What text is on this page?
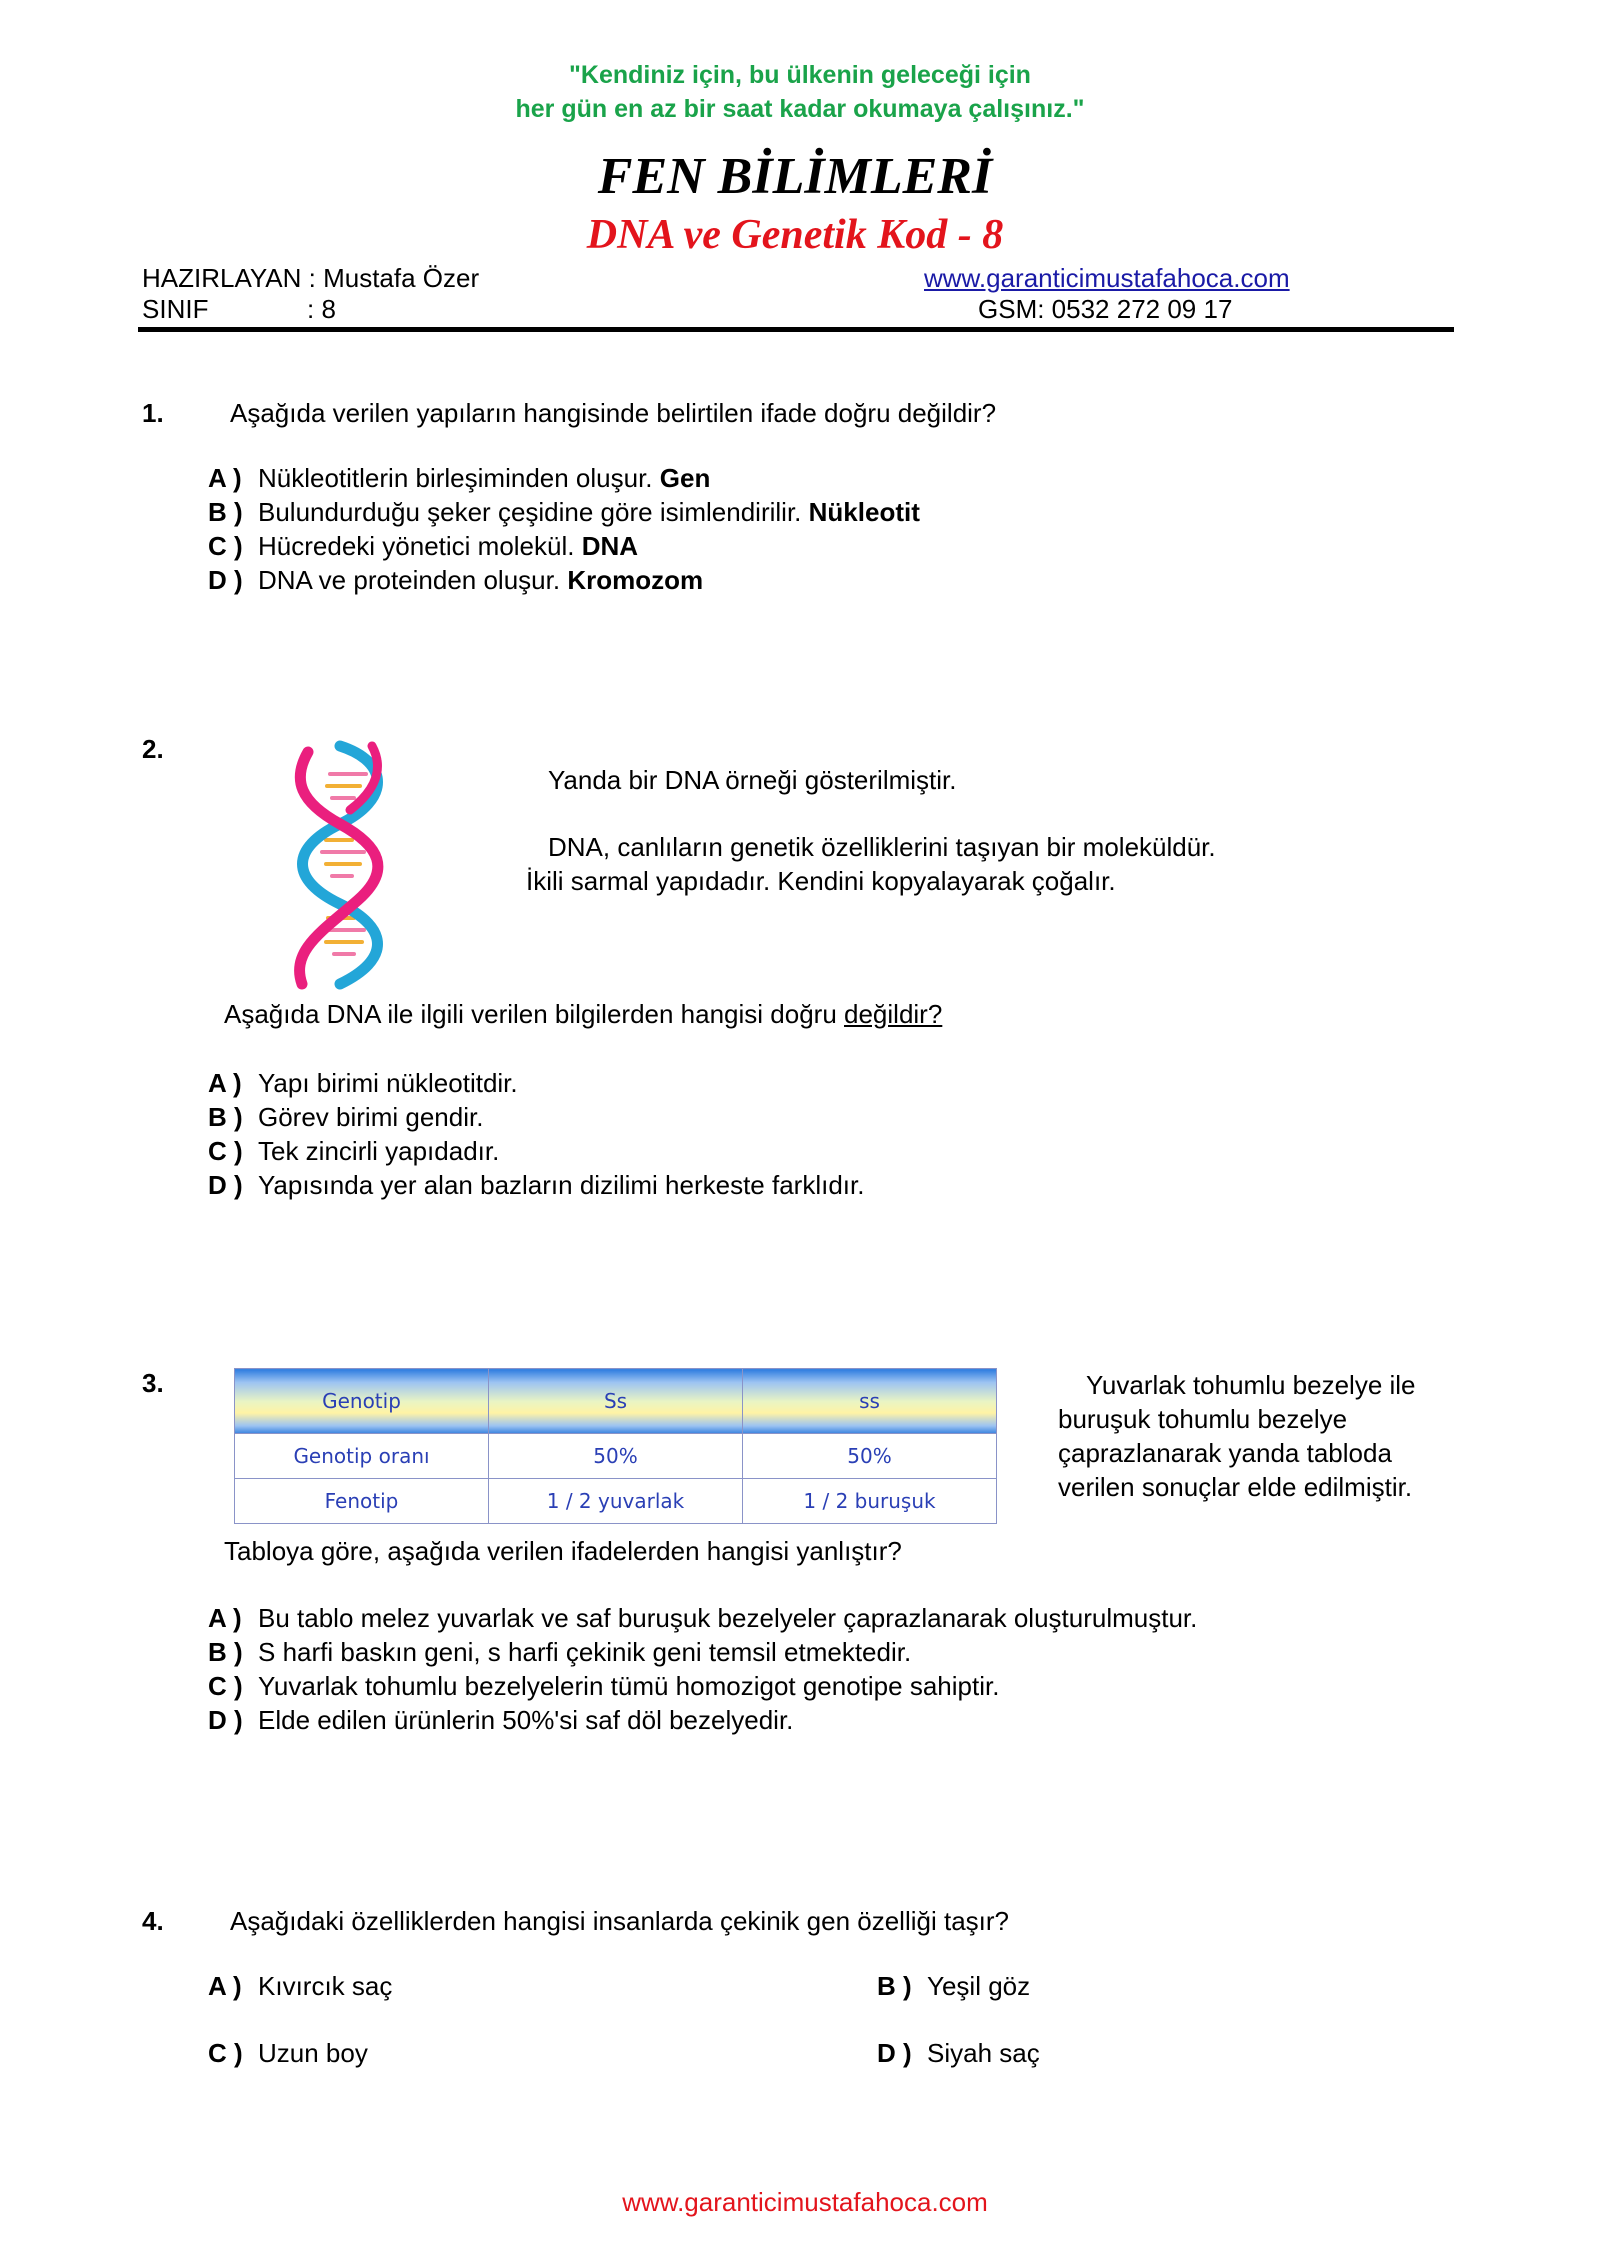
"Kendiniz için, bu ülkenin geleceği için
her gün en az bir saat kadar okumaya çalışınız."
FEN BİLİMLERİ
DNA ve Genetik Kod - 8
HAZIRLAYAN : Mustafa Özer
SINIF	: 8
www.garanticimustafahoca.com
GSM: 0532 272 09 17
1.	Aşağıda verilen yapıların hangisinde belirtilen ifade doğru değildir?
A ) Nükleotitlerin birleşiminden oluşur. Gen
B ) Bulundurduğu şeker çeşidine göre isimlendirilir. Nükleotit
C ) Hücredeki yönetici molekül. DNA
D ) DNA ve proteinden oluşur. Kromozom
2.
Yanda bir DNA örneği gösterilmiştir.
DNA, canlıların genetik özelliklerini taşıyan bir moleküldür.
İkili sarmal yapıdadır. Kendini kopyalayarak çoğalır.
Aşağıda DNA ile ilgili verilen bilgilerden hangisi doğru değildir?
A ) Yapı birimi nükleotitdir.
B ) Görev birimi gendir.
C ) Tek zincirli yapıdadır.
D ) Yapısında yer alan bazların dizilimi herkeste farklıdır.
3.
Genotip	Ss	ss
Genotip oranı	50%	50%
Fenotip	1 / 2 yuvarlak	1 / 2 buruşuk
Yuvarlak tohumlu bezelye ile
buruşuk tohumlu bezelye
çaprazlanarak yanda tabloda
verilen sonuçlar elde edilmiştir.
Tabloya göre, aşağıda verilen ifadelerden hangisi yanlıştır?
A ) Bu tablo melez yuvarlak ve saf buruşuk bezelyeler çaprazlanarak oluşturulmuştur.
B ) S harfi baskın geni, s harfi çekinik geni temsil etmektedir.
C ) Yuvarlak tohumlu bezelyelerin tümü homozigot genotipe sahiptir.
D ) Elde edilen ürünlerin 50%'si saf döl bezelyedir.
4.	Aşağıdaki özelliklerden hangisi insanlarda çekinik gen özelliği taşır?
A ) Kıvırcık saç	B ) Yeşil göz
C ) Uzun boy	D ) Siyah saç
www.garanticimustafahoca.com
